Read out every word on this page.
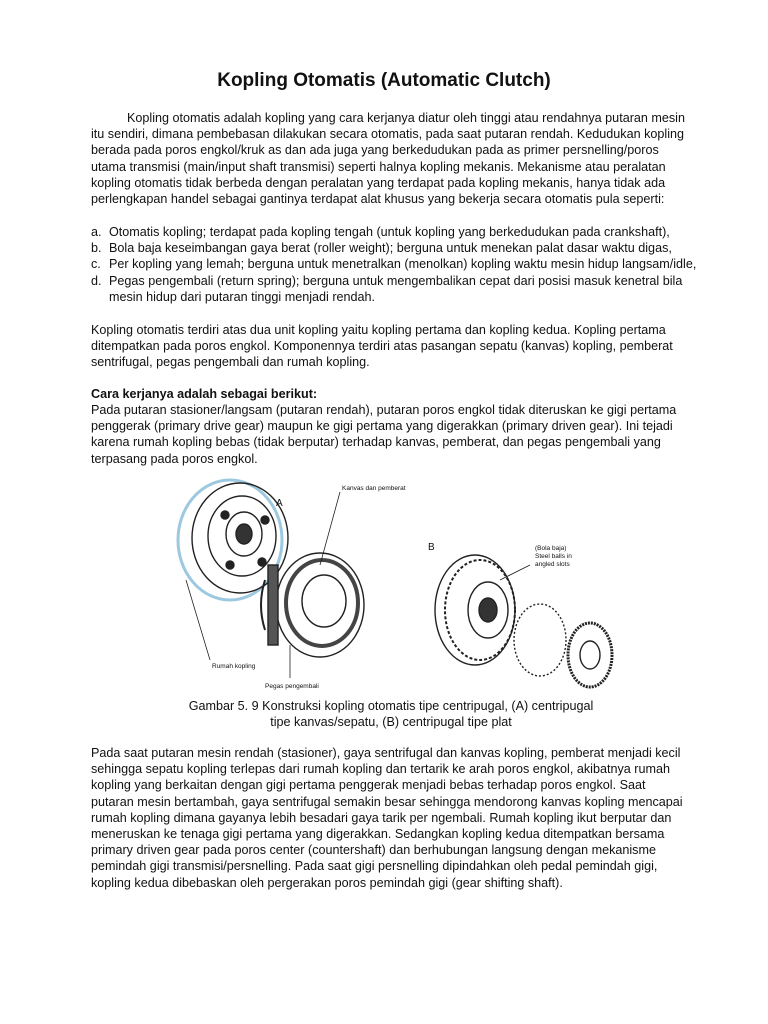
Kopling Otomatis (Automatic Clutch)

Kopling otomatis adalah kopling yang cara kerjanya diatur oleh tinggi atau rendahnya putaran mesin itu sendiri, dimana pembebasan dilakukan secara otomatis, pada saat putaran rendah. Kedudukan kopling berada pada poros engkol/kruk as dan ada juga yang berkedudukan pada as primer persnelling/poros utama transmisi (main/input shaft transmisi) seperti halnya kopling mekanis. Mekanisme atau peralatan kopling otomatis tidak berbeda dengan peralatan yang terdapat pada kopling mekanis, hanya tidak ada perlengkapan handel sebagai gantinya terdapat alat khusus yang bekerja secara otomatis pula seperti:

a. Otomatis kopling; terdapat pada kopling tengah (untuk kopling yang berkedudukan pada crankshaft),
b. Bola baja keseimbangan gaya berat (roller weight); berguna untuk menekan palat dasar waktu digas,
c. Per kopling yang lemah; berguna untuk menetralkan (menolkan) kopling waktu mesin hidup langsam/idle,
d. Pegas pengembali (return spring); berguna untuk mengembalikan cepat dari posisi masuk kenetral bila mesin hidup dari putaran tinggi menjadi rendah.

Kopling otomatis terdiri atas dua unit kopling yaitu kopling pertama dan kopling kedua. Kopling pertama ditempatkan pada poros engkol. Komponennya terdiri atas pasangan sepatu (kanvas) kopling, pemberat sentrifugal, pegas pengembali dan rumah kopling.

Cara kerjanya adalah sebagai berikut:

Pada putaran stasioner/langsam (putaran rendah), putaran poros engkol tidak diteruskan ke gigi pertama penggerak (primary drive gear) maupun ke gigi pertama yang digerakkan (primary driven gear). Ini tejadi karena rumah kopling bebas (tidak berputar) terhadap kanvas, pemberat, dan pegas pengembali yang terpasang pada poros engkol.

A
B
Kanvas dan pemberat
(Bola baja)
Steel balls in
angled slots
Rumah kopling
Pegas pengembali

Gambar 5. 9 Konstruksi kopling otomatis tipe centripugal, (A) centripugal

tipe kanvas/sepatu, (B) centripugal tipe plat

Pada saat putaran mesin rendah (stasioner), gaya sentrifugal dan kanvas kopling, pemberat menjadi kecil sehingga sepatu kopling terlepas dari rumah kopling dan tertarik ke arah poros engkol, akibatnya rumah kopling yang berkaitan dengan gigi pertama penggerak menjadi bebas terhadap poros engkol. Saat putaran mesin bertambah, gaya sentrifugal semakin besar sehingga mendorong kanvas kopling mencapai rumah kopling dimana gayanya lebih besadari gaya tarik per ngembali. Rumah kopling ikut berputar dan meneruskan ke tenaga gigi pertama yang digerakkan. Sedangkan kopling kedua ditempatkan bersama primary driven gear pada poros center (countershaft) dan berhubungan langsung dengan mekanisme pemindah gigi transmisi/persnelling. Pada saat gigi persnelling dipindahkan oleh pedal pemindah gigi, kopling kedua dibebaskan oleh pergerakan poros pemindah gigi (gear shifting shaft).
